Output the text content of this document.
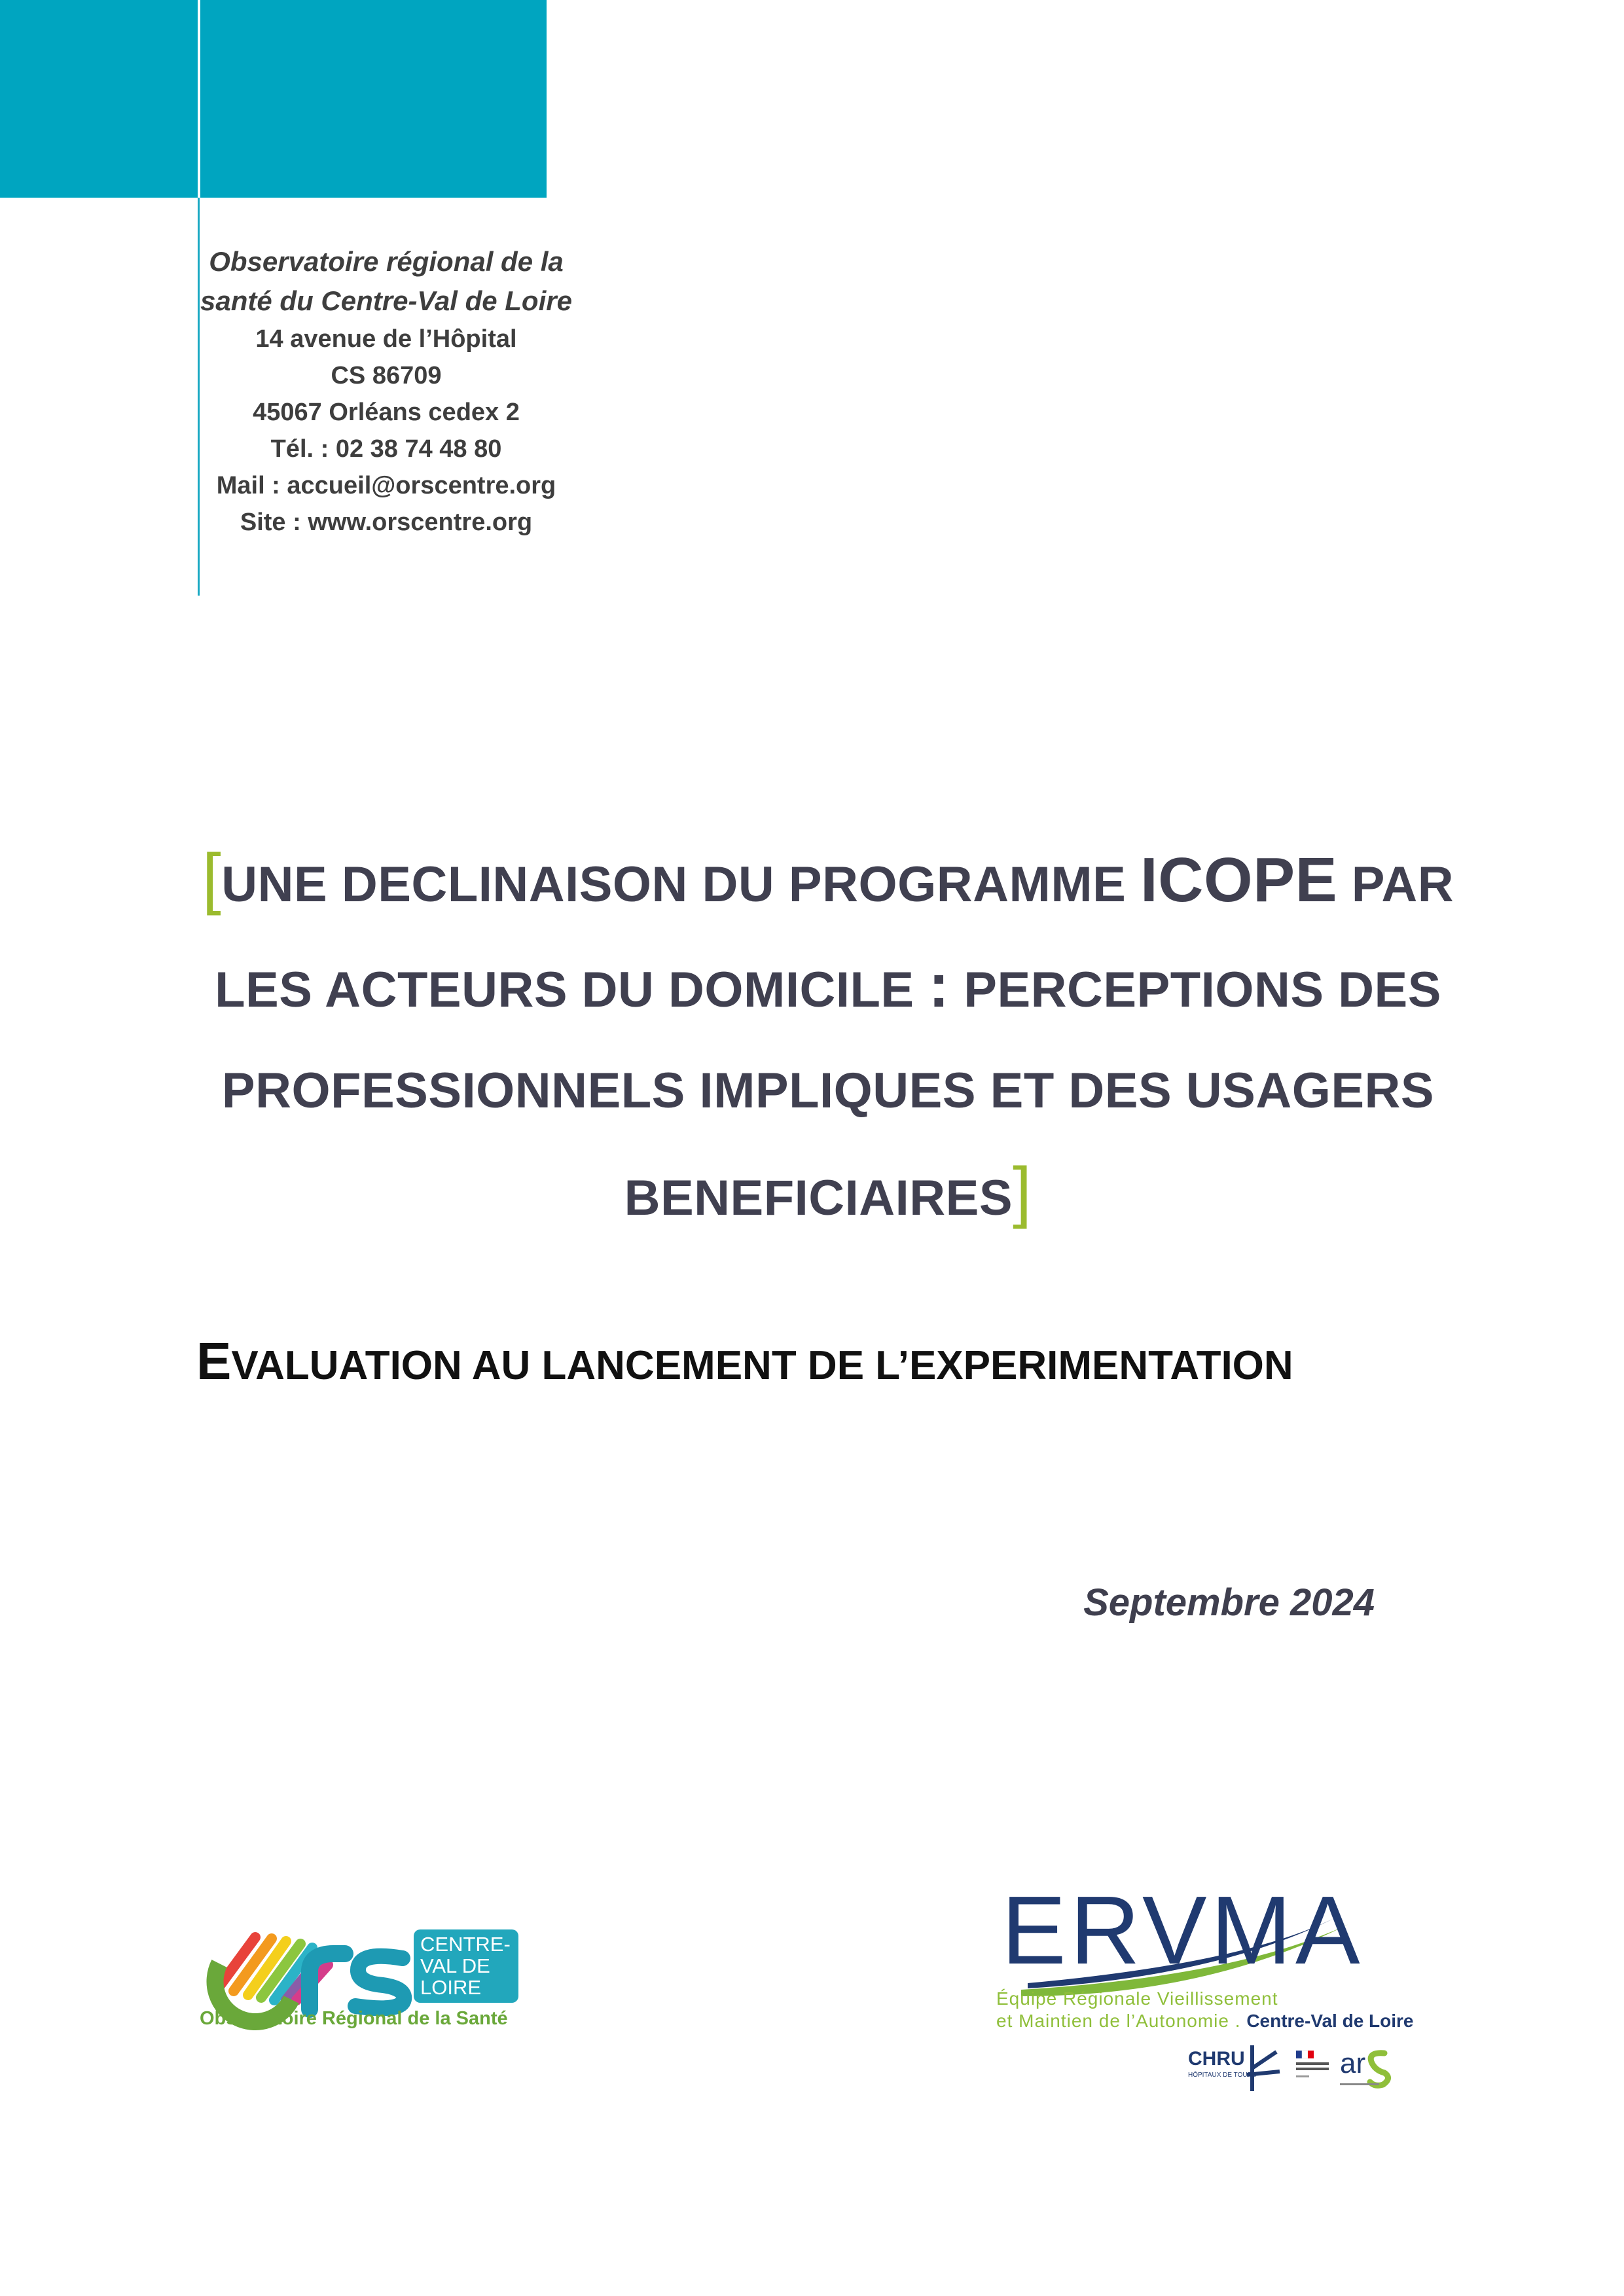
Observatoire régional de la
santé du Centre-Val de Loire
14 avenue de l’Hôpital
CS 86709
45067 Orléans cedex 2
Tél. : 02 38 74 48 80
Mail : accueil@orscentre.org
Site : www.orscentre.org
[UNE DECLINAISON DU PROGRAMME ICOPE PAR LES ACTEURS DU DOMICILE : PERCEPTIONS DES PROFESSIONNELS IMPLIQUES ET DES USAGERS BENEFICIAIRES]
EVALUATION AU LANCEMENT DE L’EXPERIMENTATION
Septembre 2024
CENTRE-
VAL DE
LOIRE
Observatoire Régional de la Santé
ERVMA
Équipe Régionale Vieillissement
et Maintien de l’Autonomie . Centre-Val de Loire
CHRU
HÔPITAUX DE TOURS	ar
